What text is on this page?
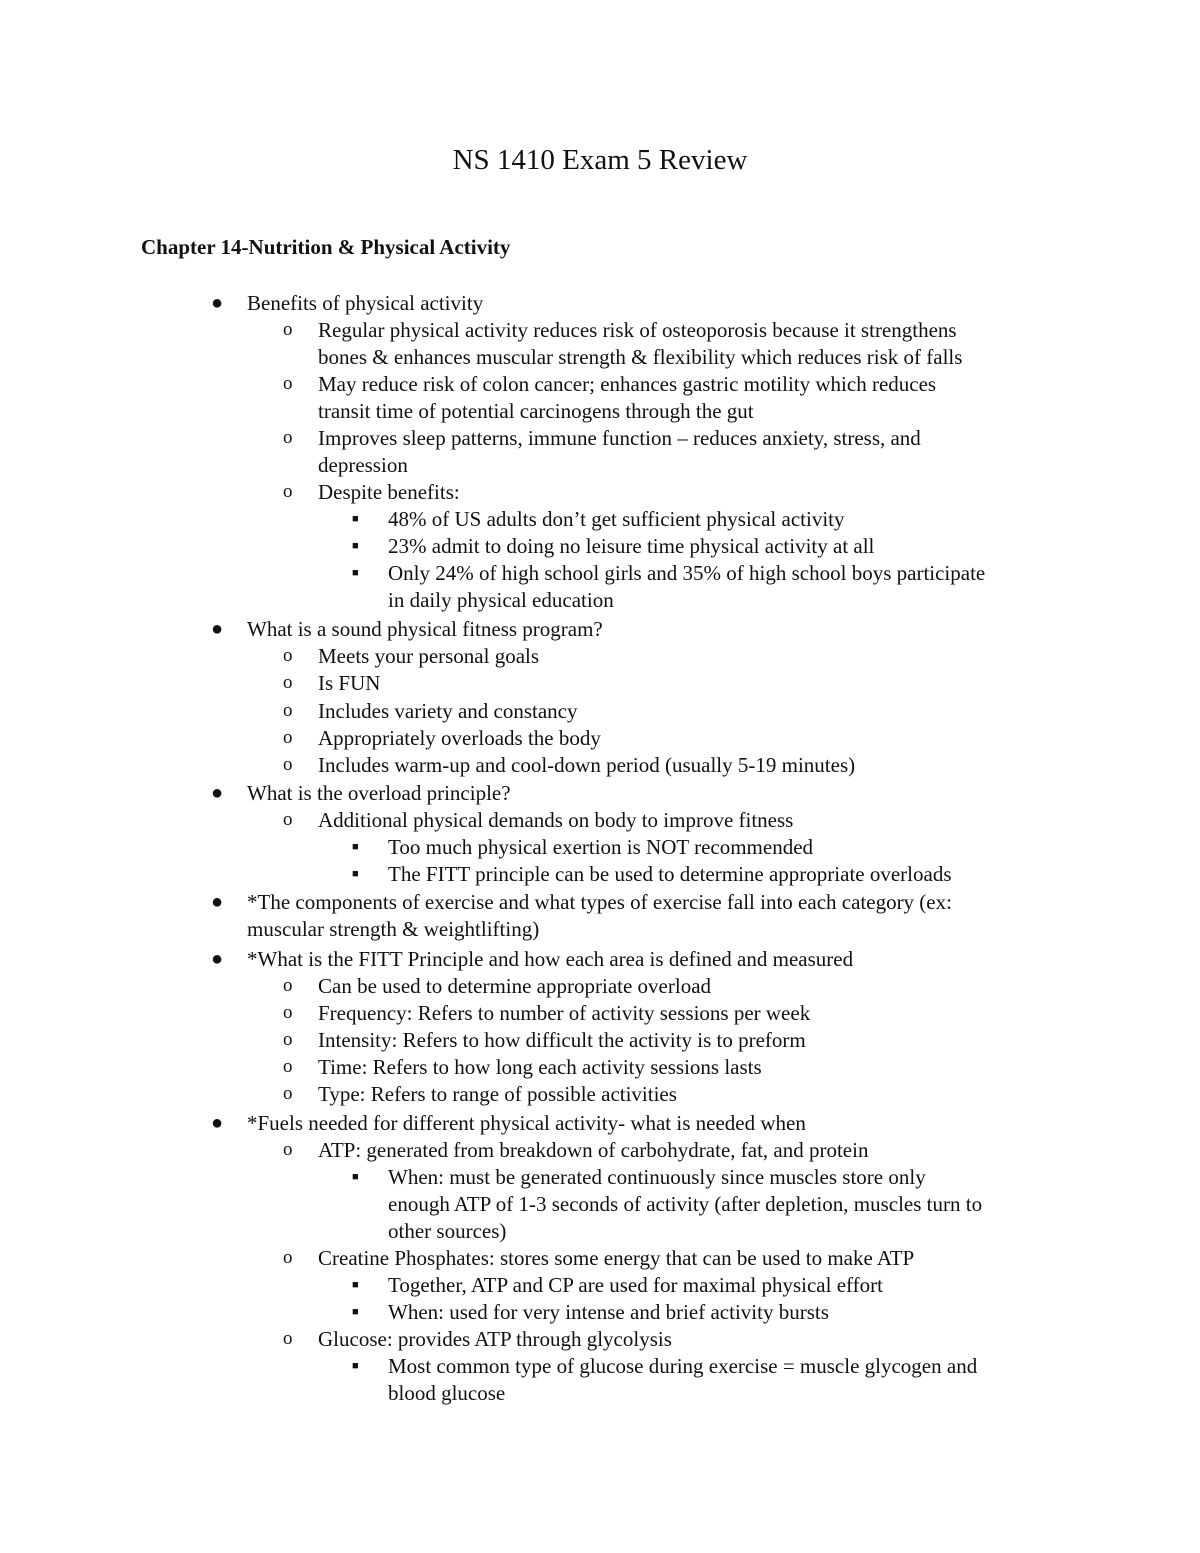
NS 1410 Exam 5 Review
Chapter 14-Nutrition & Physical Activity
● Benefits of physical activity
o Regular physical activity reduces risk of osteoporosis because it strengthens
bones & enhances muscular strength & flexibility which reduces risk of falls
o May reduce risk of colon cancer; enhances gastric motility which reduces
transit time of potential carcinogens through the gut
o Improves sleep patterns, immune function – reduces anxiety, stress, and
depression
o Despite benefits:
■ 48% of US adults don’t get sufficient physical activity
■ 23% admit to doing no leisure time physical activity at all
■ Only 24% of high school girls and 35% of high school boys participate
in daily physical education
● What is a sound physical fitness program?
o Meets your personal goals
o Is FUN
o Includes variety and constancy
o Appropriately overloads the body
o Includes warm-up and cool-down period (usually 5-19 minutes)
● What is the overload principle?
o Additional physical demands on body to improve fitness
■ Too much physical exertion is NOT recommended
■ The FITT principle can be used to determine appropriate overloads
● *The components of exercise and what types of exercise fall into each category (ex:
muscular strength & weightlifting)
● *What is the FITT Principle and how each area is defined and measured
o Can be used to determine appropriate overload
o Frequency: Refers to number of activity sessions per week
o Intensity: Refers to how difficult the activity is to preform
o Time: Refers to how long each activity sessions lasts
o Type: Refers to range of possible activities
● *Fuels needed for different physical activity- what is needed when
o ATP: generated from breakdown of carbohydrate, fat, and protein
■ When: must be generated continuously since muscles store only
enough ATP of 1-3 seconds of activity (after depletion, muscles turn to
other sources)
o Creatine Phosphates: stores some energy that can be used to make ATP
■ Together, ATP and CP are used for maximal physical effort
■ When: used for very intense and brief activity bursts
o Glucose: provides ATP through glycolysis
■ Most common type of glucose during exercise = muscle glycogen and
blood glucose
